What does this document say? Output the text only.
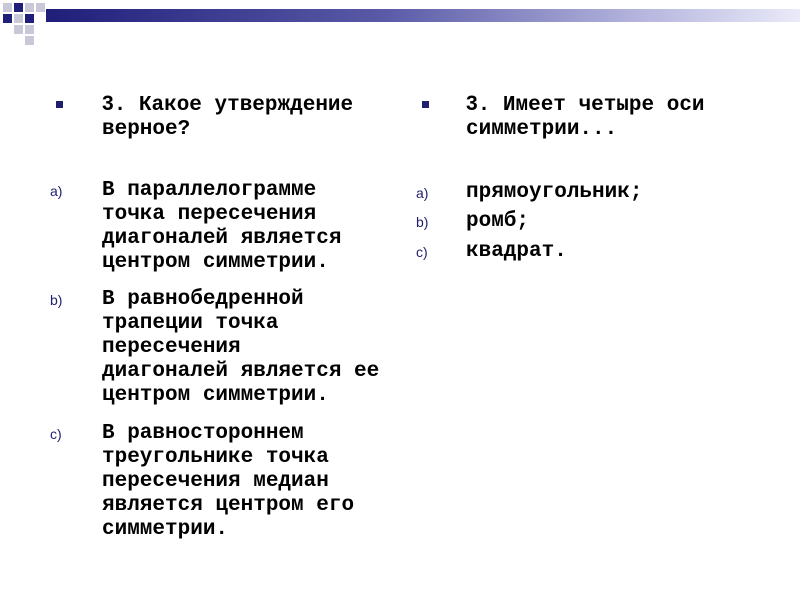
3. Какое утверждение
верное?
a) В параллелограмме
точка пересечения
диагоналей является
центром симметрии.
b) В равнобедренной
трапеции точка
пересечения
диагоналей является ее
центром симметрии.
c) В равностороннем
треугольнике точка
пересечения медиан
является центром его
симметрии.
3. Имеет четыре оси
симметрии...
a) прямоугольник;
b) ромб;
c) квадрат.
